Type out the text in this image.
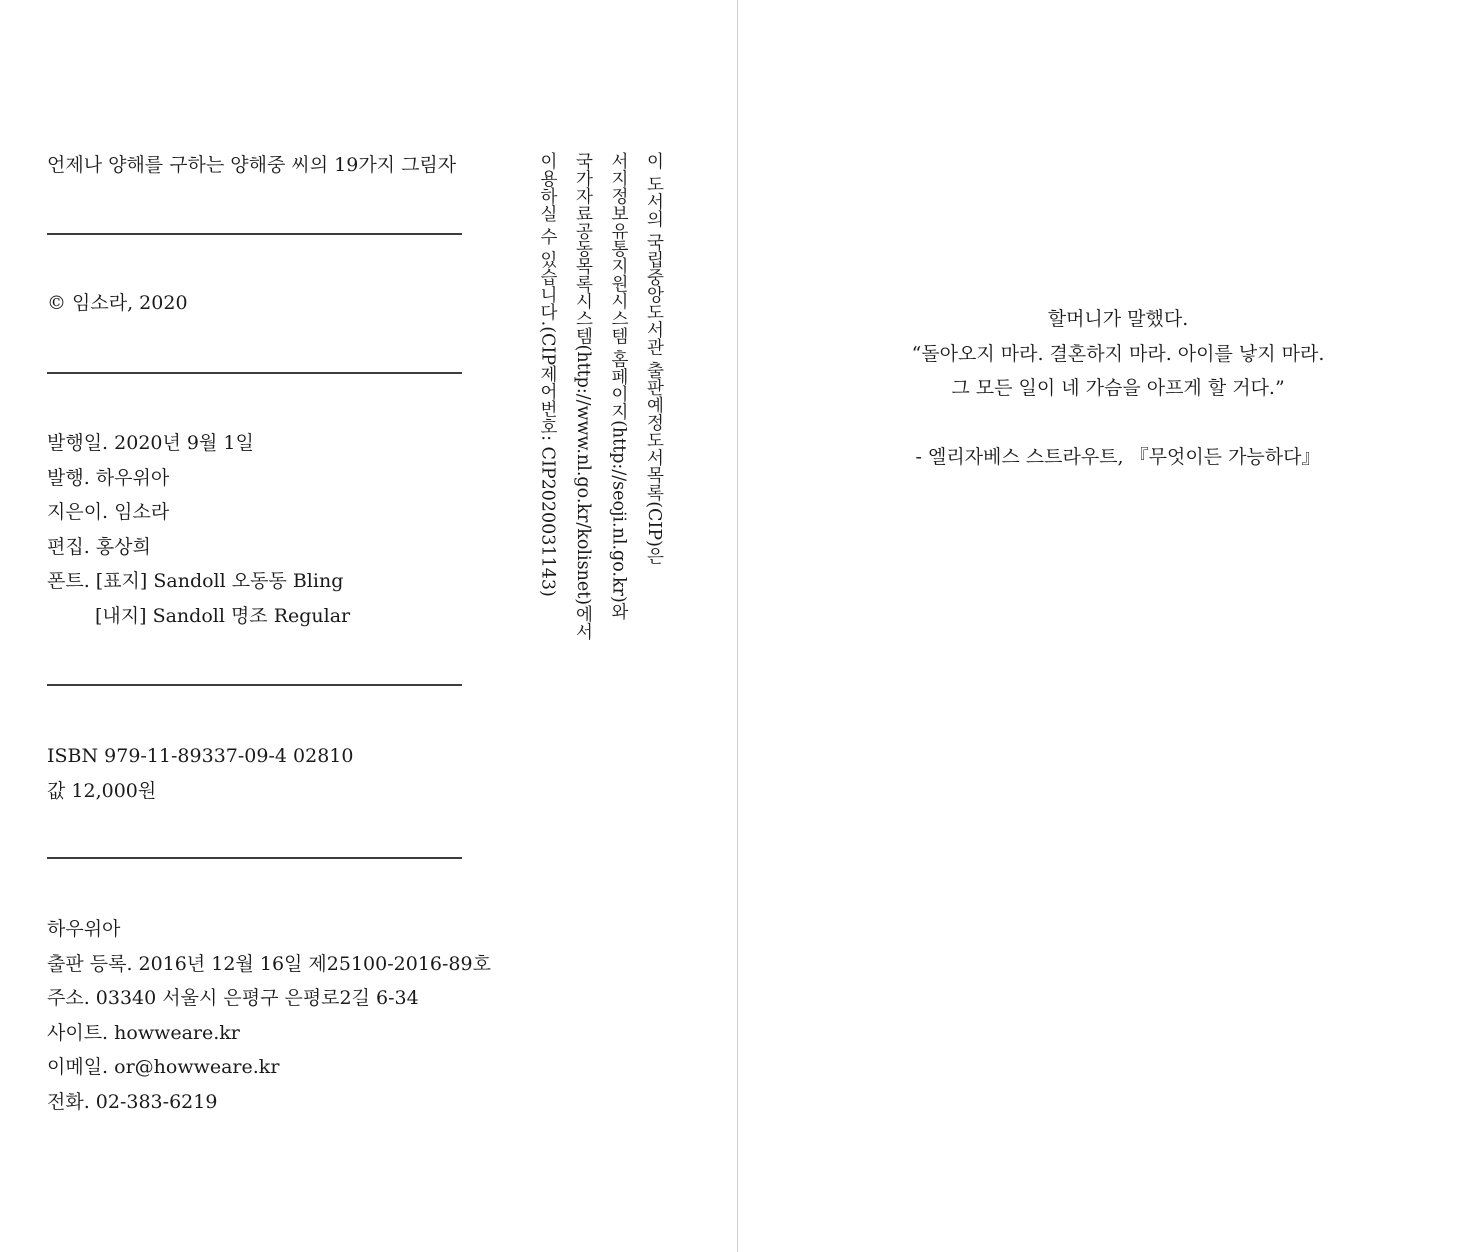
언제나 양해를 구하는 양해중 씨의 19가지 그림자
© 임소라, 2020
발행일. 2020년 9월 1일
발행. 하우위아
지은이. 임소라
편집. 홍상희
폰트. [표지] Sandoll 오동동 Bling
[내지] Sandoll 명조 Regular
ISBN 979-11-89337-09-4 02810
값 12,000원
하우위아
출판 등록. 2016년 12월 16일 제25100-2016-89호
주소. 03340 서울시 은평구 은평로2길 6-34
사이트. howweare.kr
이메일. or@howweare.kr
전화. 02-383-6219
이 도서의 국립중앙도서관 출판예정도서목록(CIP)은
서지정보유통지원시스템 홈페이지(http://seoji.nl.go.kr)와
국가자료공동목록시스템(http://www.nl.go.kr/kolisnet)에서
이용하실 수 있습니다.(CIP제어번호: CIP2020031143)	할머니가 말했다.
“돌아오지 마라. 결혼하지 마라. 아이를 낳지 마라.
그 모든 일이 네 가슴을 아프게 할 거다.”
- 엘리자베스 스트라우트, 『무엇이든 가능하다』
